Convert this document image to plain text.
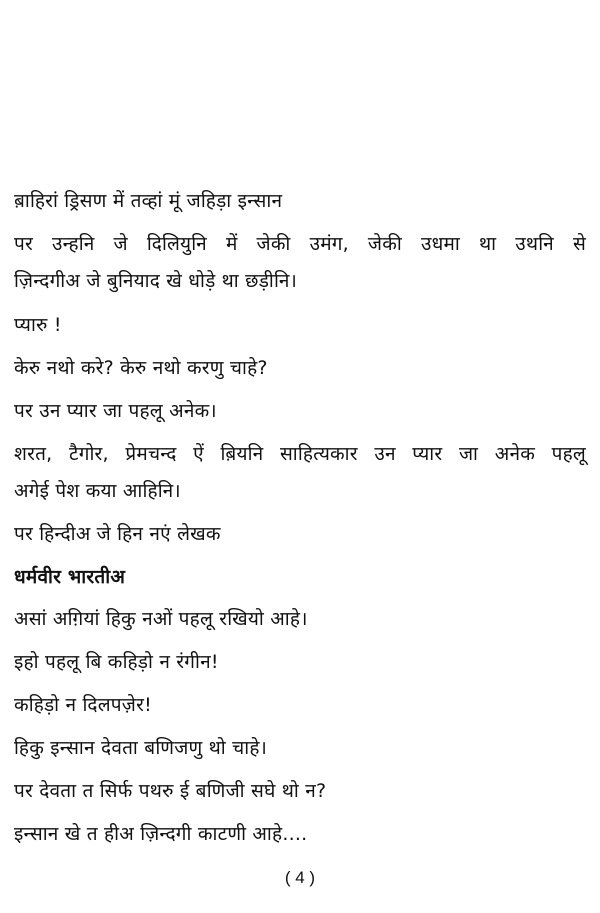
ब़ाहिरां ड्रिसण में तव्हां मूं जहिड़ा इन्सान
पर उन्हनि जे दिलियुनि में जेकी उमंग, जेकी उधमा था उथनि से
ज़िन्दगीअ जे बुनियाद खे धोड़े था छड़ीनि।
प्यारु !
केरु नथो करे? केरु नथो करणु चाहे?
पर उन प्यार जा पहलू अनेक।
शरत, टैगोर, प्रेमचन्द ऐं ब़ियनि साहित्यकार उन प्यार जा अनेक पहलू
अगेई पेश कया आहिनि।
पर हिन्दीअ जे हिन नएं लेखक
धर्मवीर भारतीअ
असां अग़ियां हिकु नओं पहलू रखियो आहे।
इहो पहलू बि कहिड़ो न रंगीन!
कहिड़ो न दिलपज़ेर!
हिकु इन्सान देवता बणिजणु थो चाहे।
पर देवता त सिर्फ पथरु ई बणिजी सघे थो न?
इन्सान खे त हीअ ज़िन्दगी काटणी आहे....
( 4 )
